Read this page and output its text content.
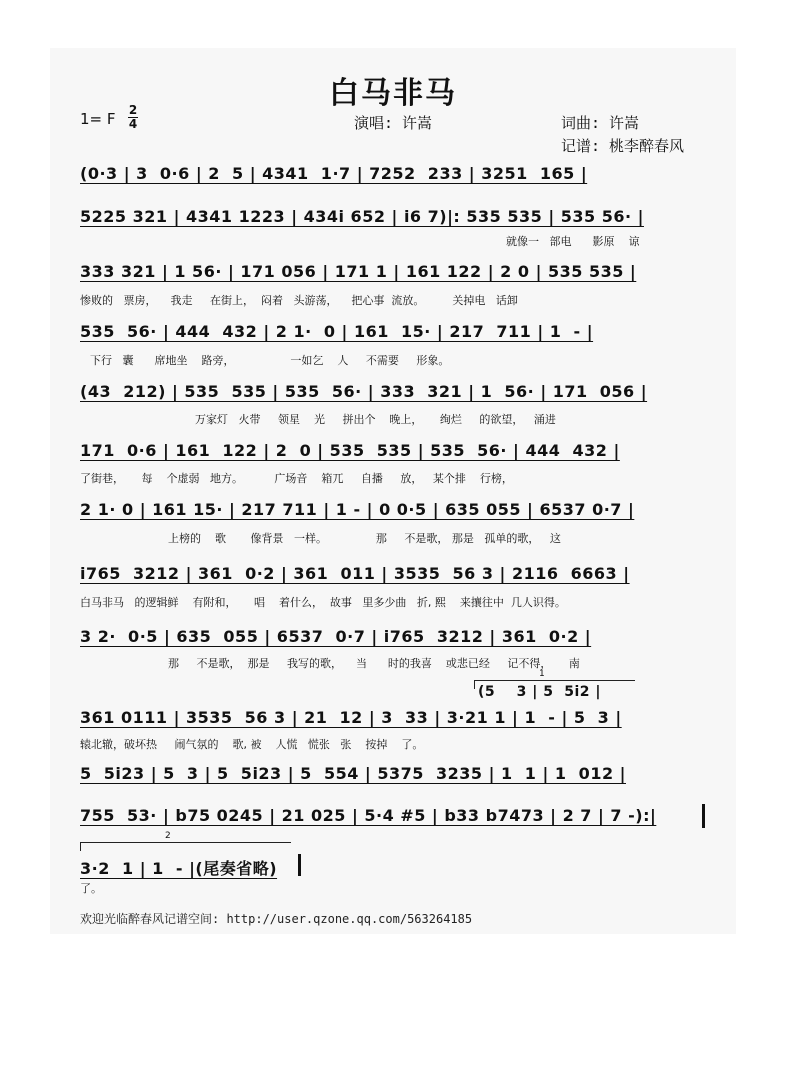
白马非马
1= F 2
4	演唱: 许嵩	词曲: 许嵩
记谱: 桃李醉春风
(0·3 | 3  0·6 | 2  5 | 4341  1·7 | 7252  233 | 3251  165 |
5225 321 | 4341 1223 | 434i 652 | i6 7)|: 535 535 | 535 56· |
就像一   部电      影原    谅
333 321 | 1 56· | 171 056 | 171 1 | 161 122 | 2 0 | 535 535 |
惨败的   票房，    我走     在街上，  闷着   头游荡，    把心事  流放。        关掉电   话卸
535  56· | 444  432 | 2 1·  0 | 161  15· | 217  711 | 1  - |
下行   囊      席地坐    路旁，                一如乞    人     不需要     形象。
(43  212) | 535  535 | 535  56· | 333  321 | 1  56· | 171  056 |
万家灯   火带     领星    光     拼出个    晚上，     绚烂     的欲望，   涌进
171  0·6 | 161  122 | 2  0 | 535  535 | 535  56· | 444  432 |
了街巷，     每    个虚弱   地方。         广场音    箱兀     自播     放，   某个排    行榜，
2 1· 0 | 161 15· | 217 711 | 1 - | 0 0·5 | 635 055 | 6537 0·7 |
上榜的    歌       像背景   一样。              那     不是歌， 那是   孤单的歌，   这
i765  3212 | 361  0·2 | 361  011 | 3535  56 3 | 2116  6663 |
白马非马   的逻辑鲜    有附和，     唱    着什么，  故事   里多少曲   折, 熙    来攘往中  几人识得。
3 2·  0·5 | 635  055 | 6537  0·7 | i765  3212 | 361  0·2 |
那     不是歌，  那是     我写的歌，    当      时的我喜    或悲已经     记不得，     南
1
(5    3 | 5  5i2 |
361 0111 | 3535  56 3 | 21  12 | 3  33 | 3·21 1 | 1  - | 5  3 |
辕北辙，破坏热     闹气氛的    歌, 被    人慌   慌张   张    按掉    了。
5  5i23 | 5  3 | 5  5i23 | 5  554 | 5375  3235 | 1  1 | 1  012 |
755  53· | b75 0245 | 21 025 | 5·4 #5 | b33 b7473 | 2 7 | 7 -):|
2
3·2  1 | 1  - |(尾奏省略)
了。
欢迎光临醉春风记谱空间: http://user.qzone.qq.com/563264185
